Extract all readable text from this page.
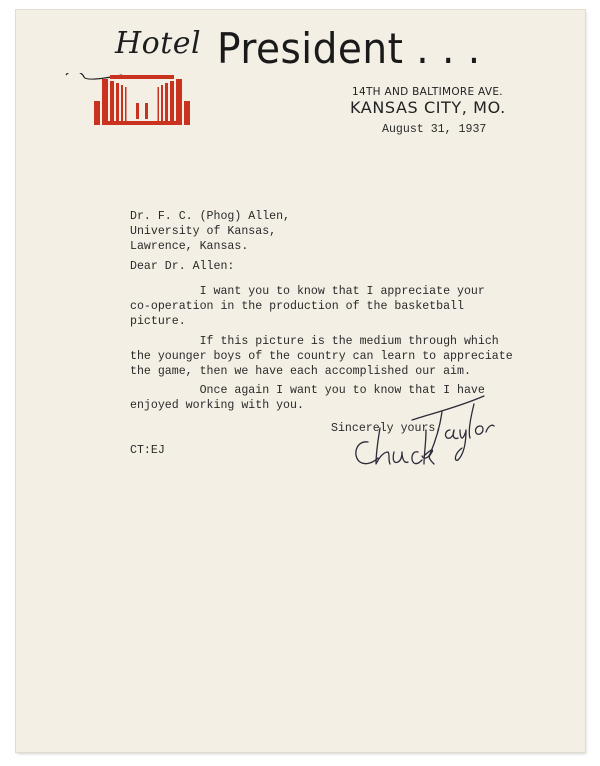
Hotel President . . .
14TH AND BALTIMORE AVE.
KANSAS CITY, MO.
August 31, 1937
Dr. F. C. (Phog) Allen,
University of Kansas,
Lawrence, Kansas.
Dear Dr. Allen:
I want you to know that I appreciate your
co-operation in the production of the basketball
picture.
If this picture is the medium through which
the younger boys of the country can learn to appreciate
the game, then we have each accomplished our aim.
Once again I want you to know that I have
enjoyed working with you.
Sincerely yours,
CT:EJ
